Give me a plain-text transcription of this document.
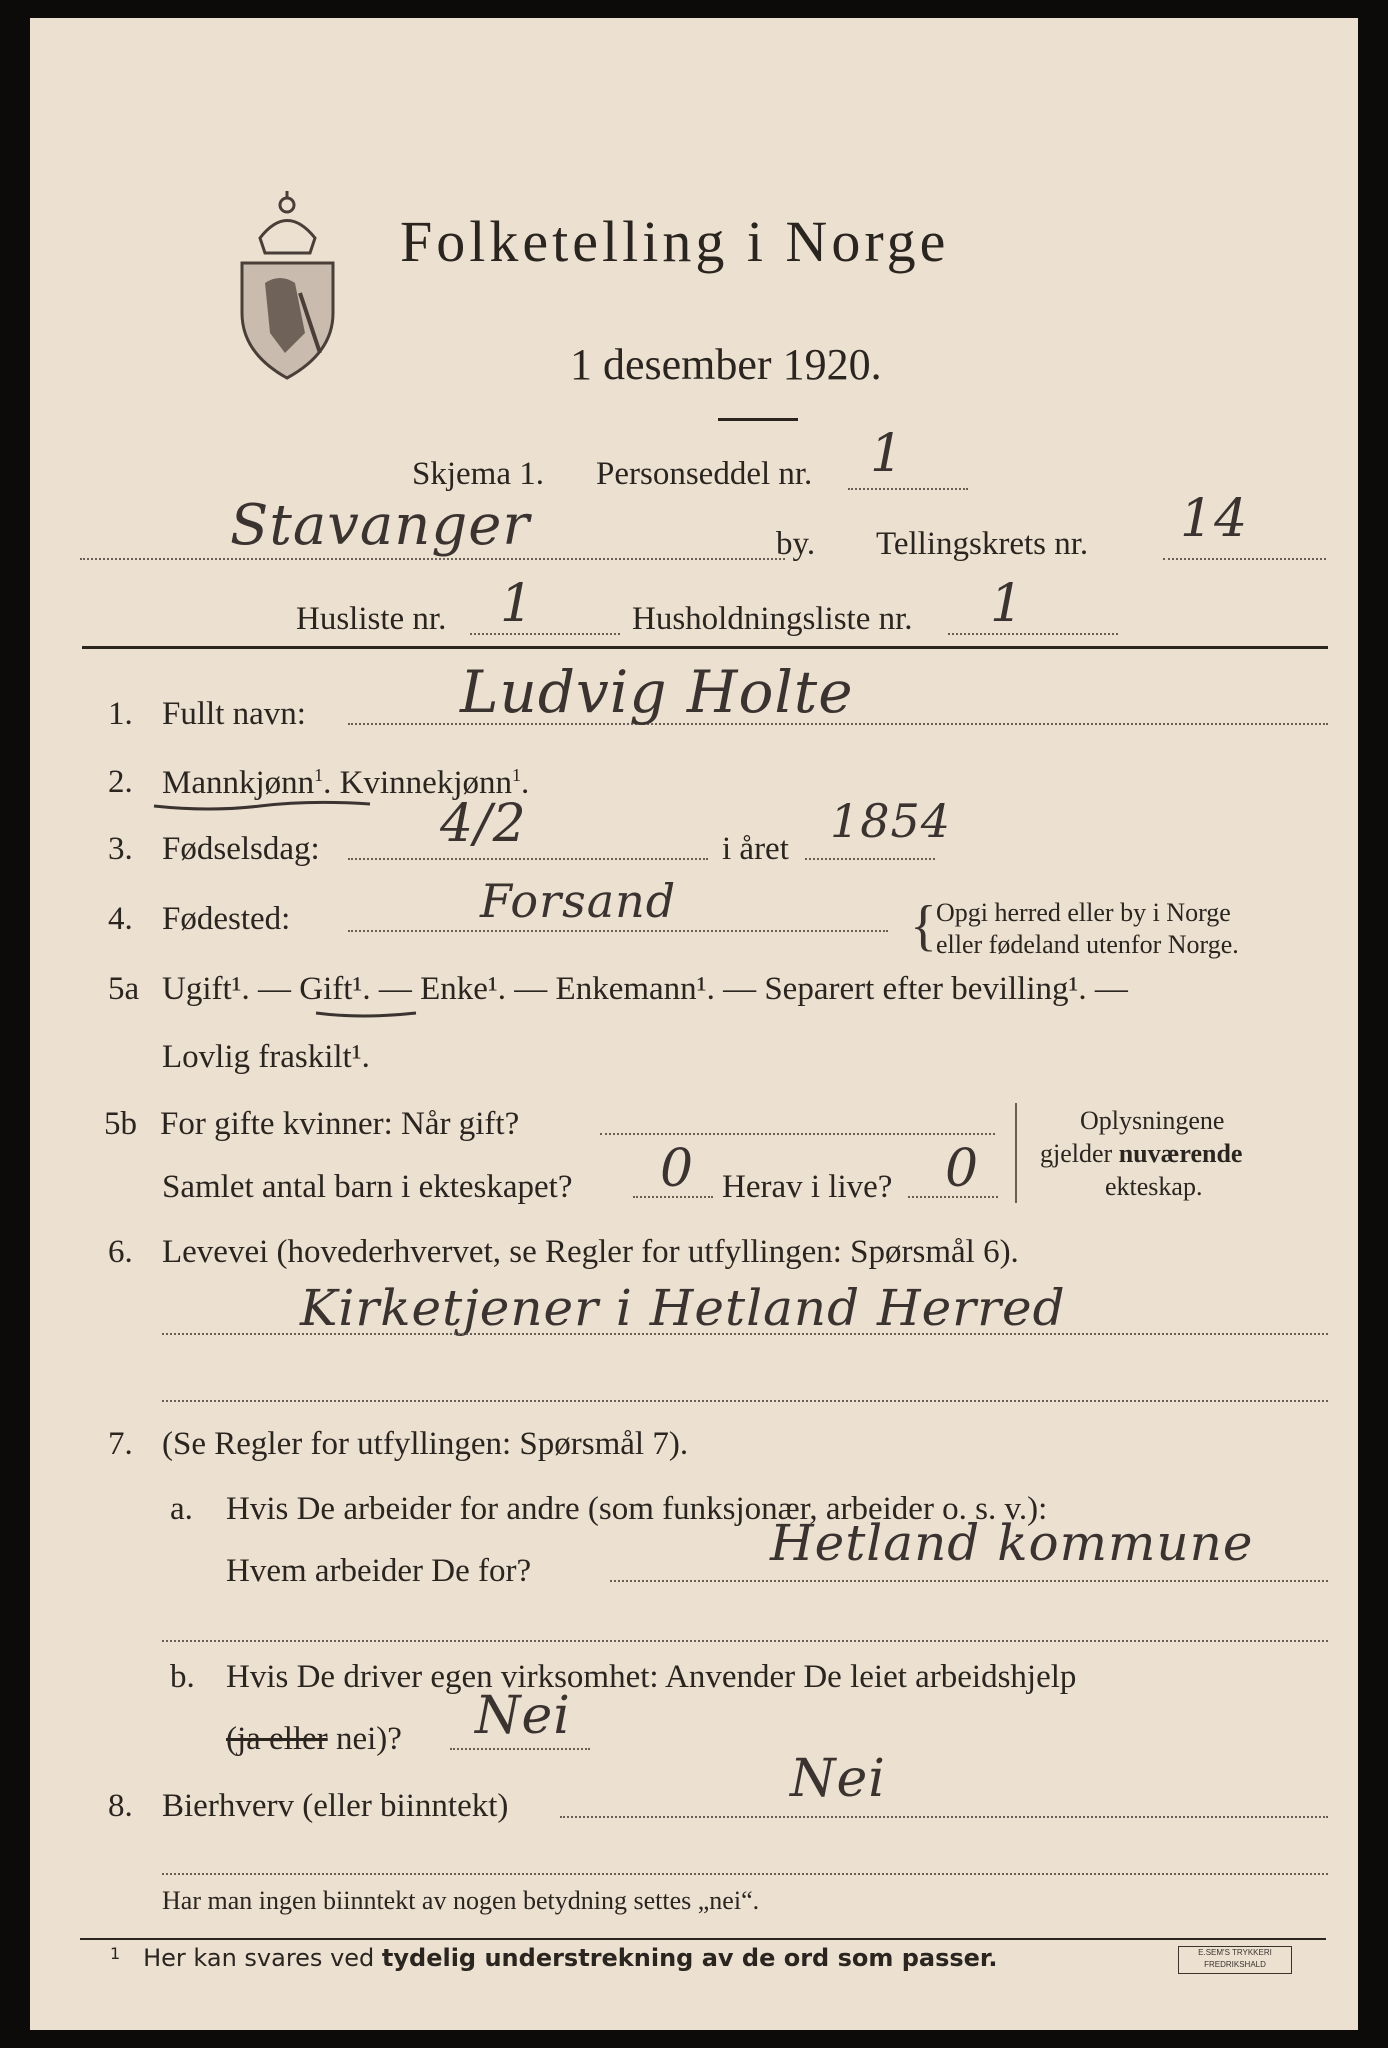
Folketelling i Norge
1 desember 1920.
Skjema 1. Personseddel nr. 1
Stavanger	by. Tellingskrets nr. 14
Husliste nr. 1	Husholdningsliste nr. 1
1. Fullt navn:	Ludvig Holte
2. Mannkjønn$^1$. Kvinnekjønn$^1$.
3. Fødselsdag: 4/2	i året
1854
4. Fødested:	Forsand	{ Opgi herred eller by i Norge
eller fødeland utenfor Norge.
5a Ugift¹. — Gift¹. — Enke¹. — Enkemann¹. — Separert efter bevilling¹. —
Lovlig fraskilt¹.
5b For gifte kvinner: Når gift?
Samlet antal barn i ekteskapet? 0 Herav i live? 0
Oplysningene
gjelder nuværende
ekteskap.
6. Levevei (hovederhvervet, se Regler for utfyllingen: Spørsmål 6).
Kirketjener i Hetland Herred
7. (Se Regler for utfyllingen: Spørsmål 7).
a. Hvis De arbeider for andre (som funksjonær, arbeider o. s. v.):
Hvem arbeider De for?	Hetland kommune
b. Hvis De driver egen virksomhet: Anvender De leiet arbeidshjelp
(ja eller nei)? Nei
8. Bierhverv (eller biinntekt)	Nei
Har man ingen biinntekt av nogen betydning settes „nei“.
$^1$ Her kan svares ved tydelig understrekning av de ord som passer.	E.SEM'S TRYKKERI
FREDRIKSHALD
